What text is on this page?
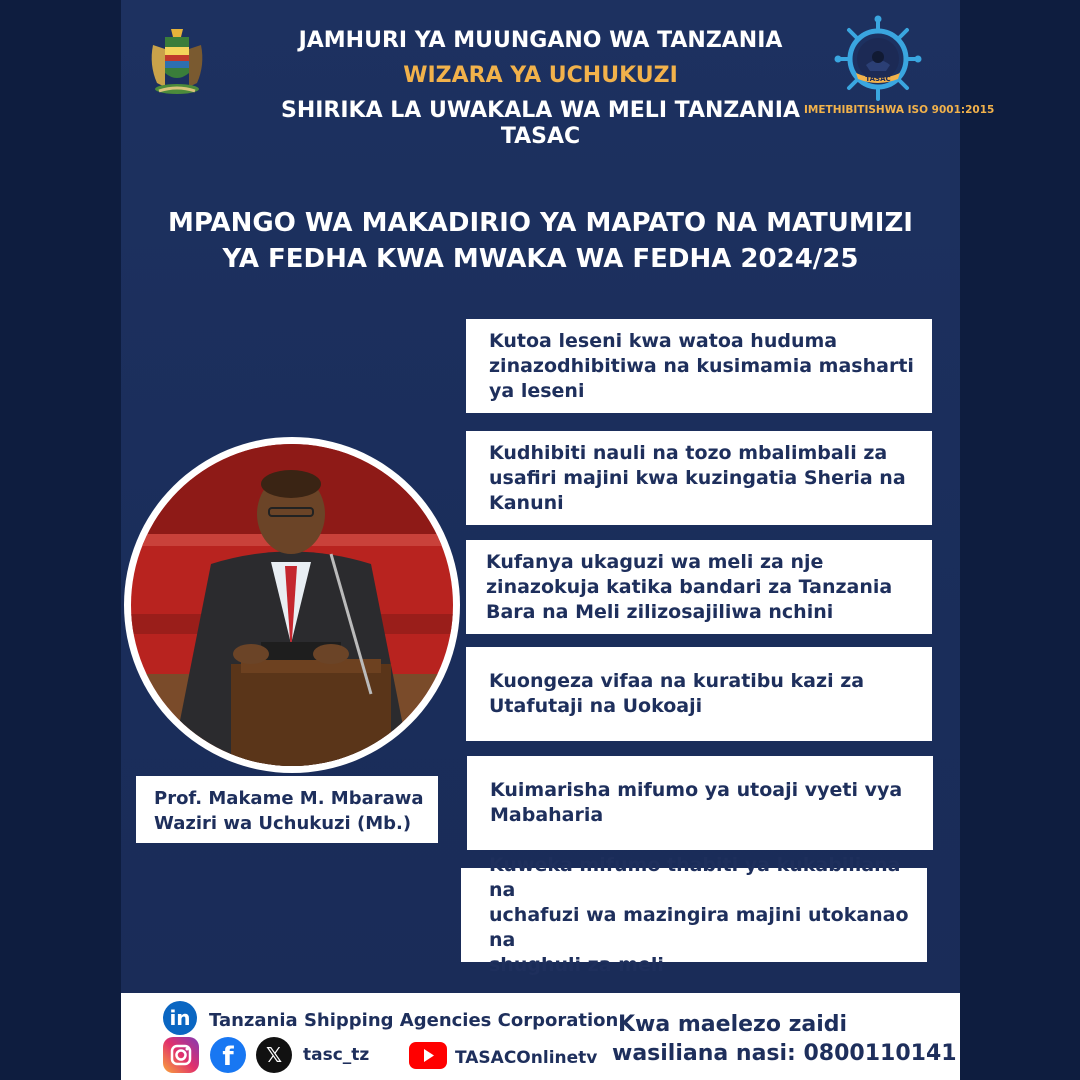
JAMHURI YA MUUNGANO WA TANZANIA
WIZARA YA UCHUKUZI
SHIRIKA LA UWAKALA WA MELI TANZANIA
TASAC
TASAC
IMETHIBITISHWA ISO 9001:2015
MPANGO WA MAKADIRIO YA MAPATO NA MATUMIZI
YA FEDHA KWA MWAKA WA FEDHA 2024/25
Kutoa leseni kwa watoa huduma
zinazodhibitiwa na kusimamia masharti
ya leseni
Kudhibiti nauli na tozo mbalimbali za
usafiri majini kwa kuzingatia Sheria na
Kanuni
Kufanya ukaguzi wa meli za nje
zinazokuja katika bandari za Tanzania
Bara na Meli zilizosajiliwa nchini
Kuongeza vifaa na kuratibu kazi za
Utafutaji na Uokoaji
Kuimarisha mifumo ya utoaji vyeti vya
Mabaharia
Kuweka mifumo thabiti ya kukabiliana na
uchafuzi wa mazingira majini utokanao na
shughuli za meli
Prof. Makame M. Mbarawa
Waziri wa Uchukuzi (Mb.)
in	Tanzania Shipping Agencies Corporation
f	𝕏	tasc_tz	TASACOnlinetv
Kwa maelezo zaidi
wasiliana nasi: 0800110141
